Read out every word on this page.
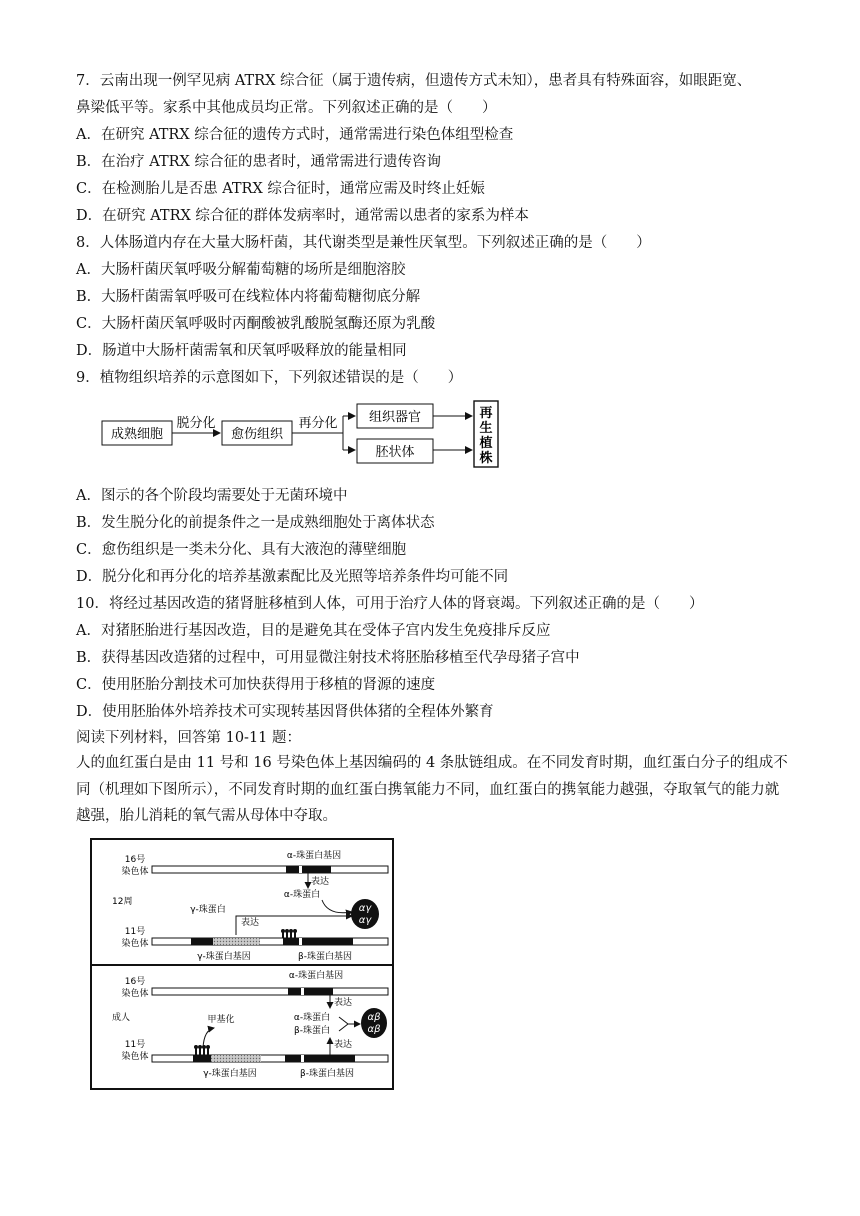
7．云南出现一例罕见病 ATRX 综合征（属于遗传病，但遗传方式未知），患者具有特殊面容，如眼距宽、
鼻梁低平等。家系中其他成员均正常。下列叙述正确的是（　　）
A．在研究 ATRX 综合征的遗传方式时，通常需进行染色体组型检查
B．在治疗 ATRX 综合征的患者时，通常需进行遗传咨询
C．在检测胎儿是否患 ATRX 综合征时，通常应需及时终止妊娠
D．在研究 ATRX 综合征的群体发病率时，通常需以患者的家系为样本
8．人体肠道内存在大量大肠杆菌，其代谢类型是兼性厌氧型。下列叙述正确的是（　　）
A．大肠杆菌厌氧呼吸分解葡萄糖的场所是细胞溶胶
B．大肠杆菌需氧呼吸可在线粒体内将葡萄糖彻底分解
C．大肠杆菌厌氧呼吸时丙酮酸被乳酸脱氢酶还原为乳酸
D．肠道中大肠杆菌需氧和厌氧呼吸释放的能量相同
9．植物组织培养的示意图如下，下列叙述错误的是（　　）
成熟细胞
脱分化
愈伤组织
再分化 组织器官
胚状体
再
生
植
株
A．图示的各个阶段均需要处于无菌环境中
B．发生脱分化的前提条件之一是成熟细胞处于离体状态
C．愈伤组织是一类未分化、具有大液泡的薄壁细胞
D．脱分化和再分化的培养基激素配比及光照等培养条件均可能不同
10．将经过基因改造的猪肾脏移植到人体，可用于治疗人体的肾衰竭。下列叙述正确的是（　　）
A．对猪胚胎进行基因改造，目的是避免其在受体子宫内发生免疫排斥反应
B．获得基因改造猪的过程中，可用显微注射技术将胚胎移植至代孕母猪子宫中
C．使用胚胎分割技术可加快获得用于移植的肾源的速度
D．使用胚胎体外培养技术可实现转基因肾供体猪的全程体外繁育
阅读下列材料，回答第 10-11 题：
人的血红蛋白是由 11 号和 16 号染色体上基因编码的 4 条肽链组成。在不同发育时期，血红蛋白分子的组成不同（机理如下图所示），不同发育时期的血红蛋白携氧能力不同，血红蛋白的携氧能力越强，夺取氧气的能力就越强，胎儿消耗的氧气需从母体中夺取。
16号
染色体
α-珠蛋白基因
表达
α-珠蛋白
12周
γ-珠蛋白
表达
αγ
αγ
11号
染色体
γ-珠蛋白基因	β-珠蛋白基因
16号
染色体
α-珠蛋白基因
表达
成人	甲基化	α-珠蛋白
β-珠蛋白
αβ
αβ
表达
11号
染色体
γ-珠蛋白基因	β-珠蛋白基因
